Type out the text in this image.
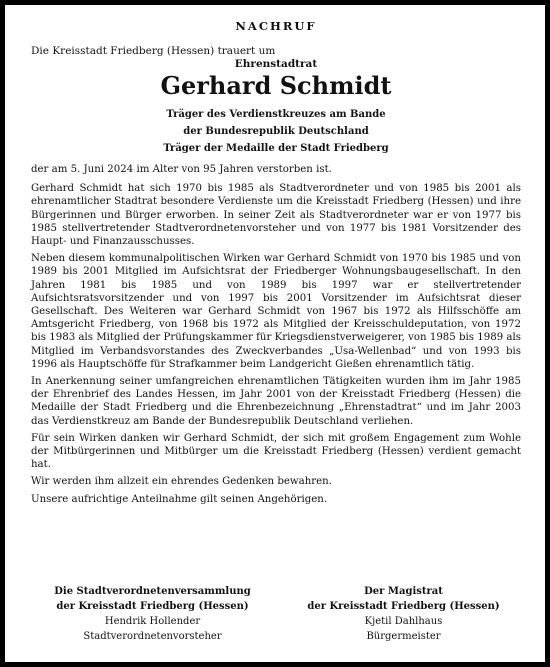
NACHRUF
Die Kreisstadt Friedberg (Hessen) trauert um
Ehrenstadtrat
Gerhard Schmidt
Träger des Verdienstkreuzes am Bande
der Bundesrepublik Deutschland
Träger der Medaille der Stadt Friedberg

der am 5. Juni 2024 im Alter von 95 Jahren verstorben ist.

Gerhard Schmidt hat sich 1970 bis 1985 als Stadtverordneter und von 1985 bis 2001 als ehrenamtlicher Stadtrat besondere Verdienste um die Kreisstadt Friedberg (Hessen) und ihre Bürgerinnen und Bürger erworben. In seiner Zeit als Stadtverordneter war er von 1977 bis 1985 stellvertretender Stadtverordnetenvorsteher und von 1977 bis 1981 Vorsitzender des Haupt- und Finanzausschusses.

Neben diesem kommunalpolitischen Wirken war Gerhard Schmidt von 1970 bis 1985 und von 1989 bis 2001 Mitglied im Aufsichtsrat der Friedberger Wohnungsbaugesellschaft. In den Jahren 1981 bis 1985 und von 1989 bis 1997 war er stellvertretender Aufsichtsratsvorsitzender und von 1997 bis 2001 Vorsitzender im Aufsichtsrat dieser Gesellschaft. Des Weiteren war Gerhard Schmidt von 1967 bis 1972 als Hilfsschöffe am Amtsgericht Friedberg, von 1968 bis 1972 als Mitglied der Kreisschuldeputation, von 1972 bis 1983 als Mitglied der Prüfungskammer für Kriegsdienstverweigerer, von 1985 bis 1989 als Mitglied im Verbandsvorstandes des Zweckverbandes „Usa-Wellenbad“ und von 1993 bis 1996 als Hauptschöffe für Strafkammer beim Landgericht Gießen ehrenamtlich tätig.

In Anerkennung seiner umfangreichen ehrenamtlichen Tätigkeiten wurden ihm im Jahr 1985 der Ehrenbrief des Landes Hessen, im Jahr 2001 von der Kreisstadt Friedberg (Hessen) die Medaille der Stadt Friedberg und die Ehrenbezeichnung „Ehrenstadtrat“ und im Jahr 2003 das Verdienstkreuz am Bande der Bundesrepublik Deutschland verliehen.

Für sein Wirken danken wir Gerhard Schmidt, der sich mit großem Engagement zum Wohle der Mitbürgerinnen und Mitbürger um die Kreisstadt Friedberg (Hessen) verdient gemacht hat.

Wir werden ihm allzeit ein ehrendes Gedenken bewahren.

Unsere aufrichtige Anteilnahme gilt seinen Angehörigen.

Die Stadtverordnetenversammlung
der Kreisstadt Friedberg (Hessen)
Hendrik Hollender
Stadtverordnetenvorsteher
Der Magistrat
der Kreisstadt Friedberg (Hessen)
Kjetil Dahlhaus
Bürgermeister
